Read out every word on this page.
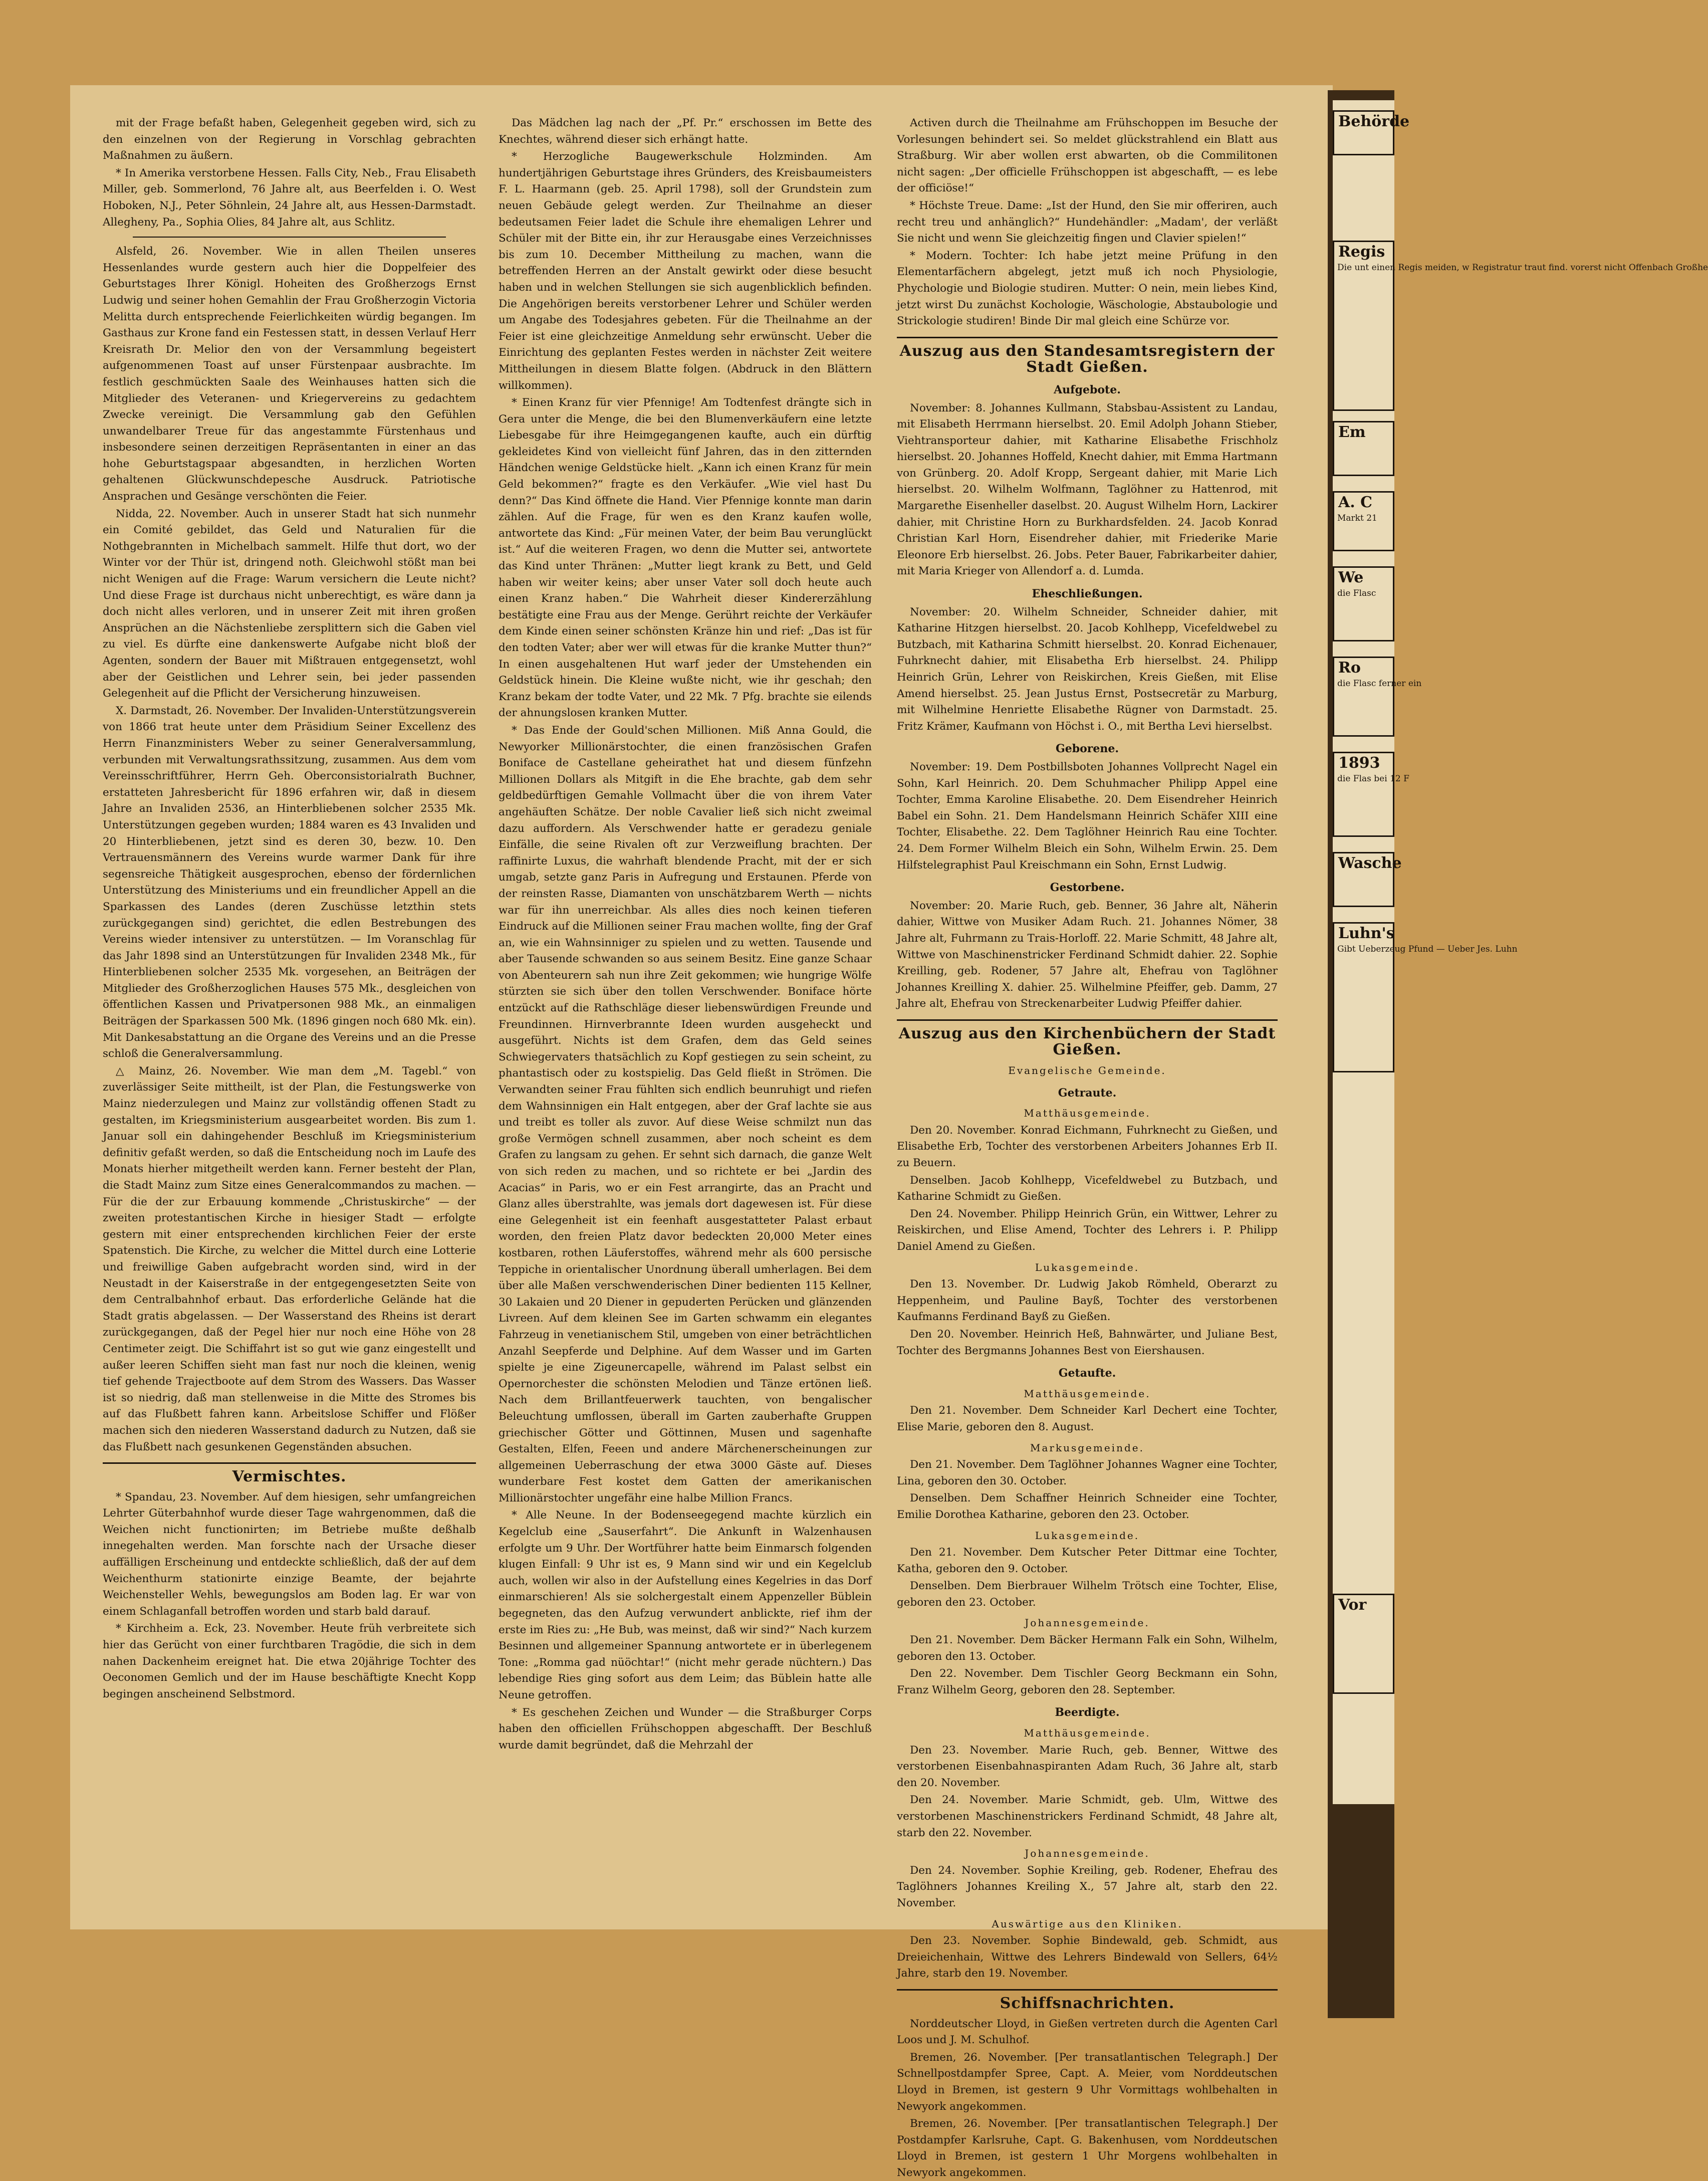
mit der Frage befaßt haben, Gelegenheit gegeben wird, sich zu den einzelnen von der Regierung in Vorschlag gebrachten Maßnahmen zu äußern.

* In Amerika verstorbene Hessen. Falls City, Neb., Frau Elisabeth Miller, geb. Sommerlond, 76 Jahre alt, aus Beerfelden i. O. West Hoboken, N.J., Peter Söhnlein, 24 Jahre alt, aus Hessen-Darmstadt. Allegheny, Pa., Sophia Olies, 84 Jahre alt, aus Schlitz.

Alsfeld, 26. November. Wie in allen Theilen unseres Hessenlandes wurde gestern auch hier die Doppelfeier des Geburtstages Ihrer Königl. Hoheiten des Großherzogs Ernst Ludwig und seiner hohen Gemahlin der Frau Großherzogin Victoria Melitta durch entsprechende Feierlichkeiten würdig begangen. Im Gasthaus zur Krone fand ein Festessen statt, in dessen Verlauf Herr Kreisrath Dr. Melior den von der Versammlung begeistert aufgenommenen Toast auf unser Fürstenpaar ausbrachte. Im festlich geschmückten Saale des Weinhauses hatten sich die Mitglieder des Veteranen- und Kriegervereins zu gedachtem Zwecke vereinigt. Die Versammlung gab den Gefühlen unwandelbarer Treue für das angestammte Fürstenhaus und insbesondere seinen derzeitigen Repräsentanten in einer an das hohe Geburtstagspaar abgesandten, in herzlichen Worten gehaltenen Glückwunschdepesche Ausdruck. Patriotische Ansprachen und Gesänge verschönten die Feier.

Nidda, 22. November. Auch in unserer Stadt hat sich nunmehr ein Comité gebildet, das Geld und Naturalien für die Nothgebrannten in Michelbach sammelt. Hilfe thut dort, wo der Winter vor der Thür ist, dringend noth. Gleichwohl stößt man bei nicht Wenigen auf die Frage: Warum versichern die Leute nicht? Und diese Frage ist durchaus nicht unberechtigt, es wäre dann ja doch nicht alles verloren, und in unserer Zeit mit ihren großen Ansprüchen an die Nächstenliebe zersplittern sich die Gaben viel zu viel. Es dürfte eine dankenswerte Aufgabe nicht bloß der Agenten, sondern der Bauer mit Mißtrauen entgegensetzt, wohl aber der Geistlichen und Lehrer sein, bei jeder passenden Gelegenheit auf die Pflicht der Versicherung hinzuweisen.

X. Darmstadt, 26. November. Der Invaliden-Unterstützungsverein von 1866 trat heute unter dem Präsidium Seiner Excellenz des Herrn Finanzministers Weber zu seiner Generalversammlung, verbunden mit Verwaltungsrathssitzung, zusammen. Aus dem vom Vereinsschriftführer, Herrn Geh. Oberconsistorialrath Buchner, erstatteten Jahresbericht für 1896 erfahren wir, daß in diesem Jahre an Invaliden 2536, an Hinterbliebenen solcher 2535 Mk. Unterstützungen gegeben wurden; 1884 waren es 43 Invaliden und 20 Hinterbliebenen, jetzt sind es deren 30, bezw. 10. Den Vertrauensmännern des Vereins wurde warmer Dank für ihre segensreiche Thätigkeit ausgesprochen, ebenso der fördernlichen Unterstützung des Ministeriums und ein freundlicher Appell an die Sparkassen des Landes (deren Zuschüsse letzthin stets zurückgegangen sind) gerichtet, die edlen Bestrebungen des Vereins wieder intensiver zu unterstützen. — Im Voranschlag für das Jahr 1898 sind an Unterstützungen für Invaliden 2348 Mk., für Hinterbliebenen solcher 2535 Mk. vorgesehen, an Beiträgen der Mitglieder des Großherzoglichen Hauses 575 Mk., desgleichen von öffentlichen Kassen und Privatpersonen 988 Mk., an einmaligen Beiträgen der Sparkassen 500 Mk. (1896 gingen noch 680 Mk. ein). Mit Dankesabstattung an die Organe des Vereins und an die Presse schloß die Generalversammlung.

△ Mainz, 26. November. Wie man dem „M. Tagebl.“ von zuverlässiger Seite mittheilt, ist der Plan, die Festungswerke von Mainz niederzulegen und Mainz zur vollständig offenen Stadt zu gestalten, im Kriegsministerium ausgearbeitet worden. Bis zum 1. Januar soll ein dahingehender Beschluß im Kriegsministerium definitiv gefaßt werden, so daß die Entscheidung noch im Laufe des Monats hierher mitgetheilt werden kann. Ferner besteht der Plan, die Stadt Mainz zum Sitze eines Generalcommandos zu machen. — Für die der zur Erbauung kommende „Christuskirche“ — der zweiten protestantischen Kirche in hiesiger Stadt — erfolgte gestern mit einer entsprechenden kirchlichen Feier der erste Spatenstich. Die Kirche, zu welcher die Mittel durch eine Lotterie und freiwillige Gaben aufgebracht worden sind, wird in der Neustadt in der Kaiserstraße in der entgegengesetzten Seite von dem Centralbahnhof erbaut. Das erforderliche Gelände hat die Stadt gratis abgelassen. — Der Wasserstand des Rheins ist derart zurückgegangen, daß der Pegel hier nur noch eine Höhe von 28 Centimeter zeigt. Die Schiffahrt ist so gut wie ganz eingestellt und außer leeren Schiffen sieht man fast nur noch die kleinen, wenig tief gehende Trajectboote auf dem Strom des Wassers. Das Wasser ist so niedrig, daß man stellenweise in die Mitte des Stromes bis auf das Flußbett fahren kann. Arbeitslose Schiffer und Flößer machen sich den niederen Wasserstand dadurch zu Nutzen, daß sie das Flußbett nach gesunkenen Gegenständen absuchen.

Vermischtes.

* Spandau, 23. November. Auf dem hiesigen, sehr umfangreichen Lehrter Güterbahnhof wurde dieser Tage wahrgenommen, daß die Weichen nicht functionirten; im Betriebe mußte deßhalb innegehalten werden. Man forschte nach der Ursache dieser auffälligen Erscheinung und entdeckte schließlich, daß der auf dem Weichenthurm stationirte einzige Beamte, der bejahrte Weichensteller Wehls, bewegungslos am Boden lag. Er war von einem Schlaganfall betroffen worden und starb bald darauf.

* Kirchheim a. Eck, 23. November. Heute früh verbreitete sich hier das Gerücht von einer furchtbaren Tragödie, die sich in dem nahen Dackenheim ereignet hat. Die etwa 20jährige Tochter des Oeconomen Gemlich und der im Hause beschäftigte Knecht Kopp begingen anscheinend Selbstmord.

Das Mädchen lag nach der „Pf. Pr.“ erschossen im Bette des Knechtes, während dieser sich erhängt hatte.

* Herzogliche Baugewerkschule Holzminden. Am hundertjährigen Geburtstage ihres Gründers, des Kreisbaumeisters F. L. Haarmann (geb. 25. April 1798), soll der Grundstein zum neuen Gebäude gelegt werden. Zur Theilnahme an dieser bedeutsamen Feier ladet die Schule ihre ehemaligen Lehrer und Schüler mit der Bitte ein, ihr zur Herausgabe eines Verzeichnisses bis zum 10. December Mittheilung zu machen, wann die betreffenden Herren an der Anstalt gewirkt oder diese besucht haben und in welchen Stellungen sie sich augenblicklich befinden. Die Angehörigen bereits verstorbener Lehrer und Schüler werden um Angabe des Todesjahres gebeten. Für die Theilnahme an der Feier ist eine gleichzeitige Anmeldung sehr erwünscht. Ueber die Einrichtung des geplanten Festes werden in nächster Zeit weitere Mittheilungen in diesem Blatte folgen. (Abdruck in den Blättern willkommen).

* Einen Kranz für vier Pfennige! Am Todtenfest drängte sich in Gera unter die Menge, die bei den Blumenverkäufern eine letzte Liebesgabe für ihre Heimgegangenen kaufte, auch ein dürftig gekleidetes Kind von vielleicht fünf Jahren, das in den zitternden Händchen wenige Geldstücke hielt. „Kann ich einen Kranz für mein Geld bekommen?“ fragte es den Verkäufer. „Wie viel hast Du denn?“ Das Kind öffnete die Hand. Vier Pfennige konnte man darin zählen. Auf die Frage, für wen es den Kranz kaufen wolle, antwortete das Kind: „Für meinen Vater, der beim Bau verunglückt ist.“ Auf die weiteren Fragen, wo denn die Mutter sei, antwortete das Kind unter Thränen: „Mutter liegt krank zu Bett, und Geld haben wir weiter keins; aber unser Vater soll doch heute auch einen Kranz haben.“ Die Wahrheit dieser Kindererzählung bestätigte eine Frau aus der Menge. Gerührt reichte der Verkäufer dem Kinde einen seiner schönsten Kränze hin und rief: „Das ist für den todten Vater; aber wer will etwas für die kranke Mutter thun?“ In einen ausgehaltenen Hut warf jeder der Umstehenden ein Geldstück hinein. Die Kleine wußte nicht, wie ihr geschah; den Kranz bekam der todte Vater, und 22 Mk. 7 Pfg. brachte sie eilends der ahnungslosen kranken Mutter.

* Das Ende der Gould'schen Millionen. Miß Anna Gould, die Newyorker Millionärstochter, die einen französischen Grafen Boniface de Castellane geheirathet hat und diesem fünfzehn Millionen Dollars als Mitgift in die Ehe brachte, gab dem sehr geldbedürftigen Gemahle Vollmacht über die von ihrem Vater angehäuften Schätze. Der noble Cavalier ließ sich nicht zweimal dazu auffordern. Als Verschwender hatte er geradezu geniale Einfälle, die seine Rivalen oft zur Verzweiflung brachten. Der raffinirte Luxus, die wahrhaft blendende Pracht, mit der er sich umgab, setzte ganz Paris in Aufregung und Erstaunen. Pferde von der reinsten Rasse, Diamanten von unschätzbarem Werth — nichts war für ihn unerreichbar. Als alles dies noch keinen tieferen Eindruck auf die Millionen seiner Frau machen wollte, fing der Graf an, wie ein Wahnsinniger zu spielen und zu wetten. Tausende und aber Tausende schwanden so aus seinem Besitz. Eine ganze Schaar von Abenteurern sah nun ihre Zeit gekommen; wie hungrige Wölfe stürzten sie sich über den tollen Verschwender. Boniface hörte entzückt auf die Rathschläge dieser liebenswürdigen Freunde und Freundinnen. Hirnverbrannte Ideen wurden ausgeheckt und ausgeführt. Nichts ist dem Grafen, dem das Geld seines Schwiegervaters thatsächlich zu Kopf gestiegen zu sein scheint, zu phantastisch oder zu kostspielig. Das Geld fließt in Strömen. Die Verwandten seiner Frau fühlten sich endlich beunruhigt und riefen dem Wahnsinnigen ein Halt entgegen, aber der Graf lachte sie aus und treibt es toller als zuvor. Auf diese Weise schmilzt nun das große Vermögen schnell zusammen, aber noch scheint es dem Grafen zu langsam zu gehen. Er sehnt sich darnach, die ganze Welt von sich reden zu machen, und so richtete er bei „Jardin des Acacias“ in Paris, wo er ein Fest arrangirte, das an Pracht und Glanz alles überstrahlte, was jemals dort dagewesen ist. Für diese eine Gelegenheit ist ein feenhaft ausgestatteter Palast erbaut worden, den freien Platz davor bedeckten 20,000 Meter eines kostbaren, rothen Läuferstoffes, während mehr als 600 persische Teppiche in orientalischer Unordnung überall umherlagen. Bei dem über alle Maßen verschwenderischen Diner bedienten 115 Kellner, 30 Lakaien und 20 Diener in gepuderten Perücken und glänzenden Livreen. Auf dem kleinen See im Garten schwamm ein elegantes Fahrzeug in venetianischem Stil, umgeben von einer beträchtlichen Anzahl Seepferde und Delphine. Auf dem Wasser und im Garten spielte je eine Zigeunercapelle, während im Palast selbst ein Opernorchester die schönsten Melodien und Tänze ertönen ließ. Nach dem Brillantfeuerwerk tauchten, von bengalischer Beleuchtung umflossen, überall im Garten zauberhafte Gruppen griechischer Götter und Göttinnen, Musen und sagenhafte Gestalten, Elfen, Feeen und andere Märchenerscheinungen zur allgemeinen Ueberraschung der etwa 3000 Gäste auf. Dieses wunderbare Fest kostet dem Gatten der amerikanischen Millionärstochter ungefähr eine halbe Million Francs.

* Alle Neune. In der Bodenseegegend machte kürzlich ein Kegelclub eine „Sauserfahrt“. Die Ankunft in Walzenhausen erfolgte um 9 Uhr. Der Wortführer hatte beim Einmarsch folgenden klugen Einfall: 9 Uhr ist es, 9 Mann sind wir und ein Kegelclub auch, wollen wir also in der Aufstellung eines Kegelries in das Dorf einmarschieren! Als sie solchergestalt einem Appenzeller Büblein begegneten, das den Aufzug verwundert anblickte, rief ihm der erste im Ries zu: „He Bub, was meinst, daß wir sind?“ Nach kurzem Besinnen und allgemeiner Spannung antwortete er in überlegenem Tone: „Romma gad nüöchtar!“ (nicht mehr gerade nüchtern.) Das lebendige Ries ging sofort aus dem Leim; das Büblein hatte alle Neune getroffen.

* Es geschehen Zeichen und Wunder — die Straßburger Corps haben den officiellen Frühschoppen abgeschafft. Der Beschluß wurde damit begründet, daß die Mehrzahl der

Activen durch die Theilnahme am Frühschoppen im Besuche der Vorlesungen behindert sei. So meldet glückstrahlend ein Blatt aus Straßburg. Wir aber wollen erst abwarten, ob die Commilitonen nicht sagen: „Der officielle Frühschoppen ist abgeschafft, — es lebe der officiöse!“

* Höchste Treue. Dame: „Ist der Hund, den Sie mir offeriren, auch recht treu und anhänglich?“ Hundehändler: „Madam', der verläßt Sie nicht und wenn Sie gleichzeitig fingen und Clavier spielen!“

* Modern. Tochter: Ich habe jetzt meine Prüfung in den Elementarfächern abgelegt, jetzt muß ich noch Physiologie, Phychologie und Biologie studiren. Mutter: O nein, mein liebes Kind, jetzt wirst Du zunächst Kochologie, Wäschologie, Abstaubologie und Strickologie studiren! Binde Dir mal gleich eine Schürze vor.

Auszug aus den Standesamtsregistern der Stadt Gießen.
Aufgebote.

November: 8. Johannes Kullmann, Stabsbau-Assistent zu Landau, mit Elisabeth Herrmann hierselbst. 20. Emil Adolph Johann Stieber, Viehtransporteur dahier, mit Katharine Elisabethe Frischholz hierselbst. 20. Johannes Hoffeld, Knecht dahier, mit Emma Hartmann von Grünberg. 20. Adolf Kropp, Sergeant dahier, mit Marie Lich hierselbst. 20. Wilhelm Wolfmann, Taglöhner zu Hattenrod, mit Margarethe Eisenheller daselbst. 20. August Wilhelm Horn, Lackirer dahier, mit Christine Horn zu Burkhardsfelden. 24. Jacob Konrad Christian Karl Horn, Eisendreher dahier, mit Friederike Marie Eleonore Erb hierselbst. 26. Jobs. Peter Bauer, Fabrikarbeiter dahier, mit Maria Krieger von Allendorf a. d. Lumda.

Eheschließungen.

November: 20. Wilhelm Schneider, Schneider dahier, mit Katharine Hitzgen hierselbst. 20. Jacob Kohlhepp, Vicefeldwebel zu Butzbach, mit Katharina Schmitt hierselbst. 20. Konrad Eichenauer, Fuhrknecht dahier, mit Elisabetha Erb hierselbst. 24. Philipp Heinrich Grün, Lehrer von Reiskirchen, Kreis Gießen, mit Elise Amend hierselbst. 25. Jean Justus Ernst, Postsecretär zu Marburg, mit Wilhelmine Henriette Elisabethe Rügner von Darmstadt. 25. Fritz Krämer, Kaufmann von Höchst i. O., mit Bertha Levi hierselbst.

Geborene.

November: 19. Dem Postbillsboten Johannes Vollprecht Nagel ein Sohn, Karl Heinrich. 20. Dem Schuhmacher Philipp Appel eine Tochter, Emma Karoline Elisabethe. 20. Dem Eisendreher Heinrich Babel ein Sohn. 21. Dem Handelsmann Heinrich Schäfer XIII eine Tochter, Elisabethe. 22. Dem Taglöhner Heinrich Rau eine Tochter. 24. Dem Former Wilhelm Bleich ein Sohn, Wilhelm Erwin. 25. Dem Hilfstelegraphist Paul Kreischmann ein Sohn, Ernst Ludwig.

Gestorbene.

November: 20. Marie Ruch, geb. Benner, 36 Jahre alt, Näherin dahier, Wittwe von Musiker Adam Ruch. 21. Johannes Nömer, 38 Jahre alt, Fuhrmann zu Trais-Horloff. 22. Marie Schmitt, 48 Jahre alt, Wittwe von Maschinenstricker Ferdinand Schmidt dahier. 22. Sophie Kreilling, geb. Rodener, 57 Jahre alt, Ehefrau von Taglöhner Johannes Kreilling X. dahier. 25. Wilhelmine Pfeiffer, geb. Damm, 27 Jahre alt, Ehefrau von Streckenarbeiter Ludwig Pfeiffer dahier.

Auszug aus den Kirchenbüchern der Stadt Gießen.
Evangelische Gemeinde.
Getraute.
Matthäusgemeinde.

Den 20. November. Konrad Eichmann, Fuhrknecht zu Gießen, und Elisabethe Erb, Tochter des verstorbenen Arbeiters Johannes Erb II. zu Beuern.

Denselben. Jacob Kohlhepp, Vicefeldwebel zu Butzbach, und Katharine Schmidt zu Gießen.

Den 24. November. Philipp Heinrich Grün, ein Wittwer, Lehrer zu Reiskirchen, und Elise Amend, Tochter des Lehrers i. P. Philipp Daniel Amend zu Gießen.

Lukasgemeinde.

Den 13. November. Dr. Ludwig Jakob Römheld, Oberarzt zu Heppenheim, und Pauline Bayß, Tochter des verstorbenen Kaufmanns Ferdinand Bayß zu Gießen.

Den 20. November. Heinrich Heß, Bahnwärter, und Juliane Best, Tochter des Bergmanns Johannes Best von Eiershausen.

Getaufte.
Matthäusgemeinde.

Den 21. November. Dem Schneider Karl Dechert eine Tochter, Elise Marie, geboren den 8. August.

Markusgemeinde.

Den 21. November. Dem Taglöhner Johannes Wagner eine Tochter, Lina, geboren den 30. October.

Denselben. Dem Schaffner Heinrich Schneider eine Tochter, Emilie Dorothea Katharine, geboren den 23. October.

Lukasgemeinde.

Den 21. November. Dem Kutscher Peter Dittmar eine Tochter, Katha, geboren den 9. October.

Denselben. Dem Bierbrauer Wilhelm Trötsch eine Tochter, Elise, geboren den 23. October.

Johannesgemeinde.

Den 21. November. Dem Bäcker Hermann Falk ein Sohn, Wilhelm, geboren den 13. October.

Den 22. November. Dem Tischler Georg Beckmann ein Sohn, Franz Wilhelm Georg, geboren den 28. September.

Beerdigte.
Matthäusgemeinde.

Den 23. November. Marie Ruch, geb. Benner, Wittwe des verstorbenen Eisenbahnaspiranten Adam Ruch, 36 Jahre alt, starb den 20. November.

Den 24. November. Marie Schmidt, geb. Ulm, Wittwe des verstorbenen Maschinenstrickers Ferdinand Schmidt, 48 Jahre alt, starb den 22. November.

Johannesgemeinde.

Den 24. November. Sophie Kreiling, geb. Rodener, Ehefrau des Taglöhners Johannes Kreiling X., 57 Jahre alt, starb den 22. November.

Auswärtige aus den Kliniken.

Den 23. November. Sophie Bindewald, geb. Schmidt, aus Dreieichenhain, Wittwe des Lehrers Bindewald von Sellers, 64½ Jahre, starb den 19. November.

Schiffsnachrichten.

Norddeutscher Lloyd, in Gießen vertreten durch die Agenten Carl Loos und J. M. Schulhof.

Bremen, 26. November. [Per transatlantischen Telegraph.] Der Schnellpostdampfer Spree, Capt. A. Meier, vom Norddeutschen Lloyd in Bremen, ist gestern 9 Uhr Vormittags wohlbehalten in Newyork angekommen.

Bremen, 26. November. [Per transatlantischen Telegraph.] Der Postdampfer Karlsruhe, Capt. G. Bakenhusen, vom Norddeutschen Lloyd in Bremen, ist gestern 1 Uhr Morgens wohlbehalten in Newyork angekommen.

Behörde
Regis
Die unt einen Regis meiden, w Registratur traut find. vorerst nicht Offenbach Großhe
Em
A. C
Markt 21
We
die Flasc
Ro
die Flasc ferner ein
1893
die Flas bei 12 F
Wasche
Luhn's
Gibt Ueberzeug Pfund — Ueber Jes. Luhn
Vor
